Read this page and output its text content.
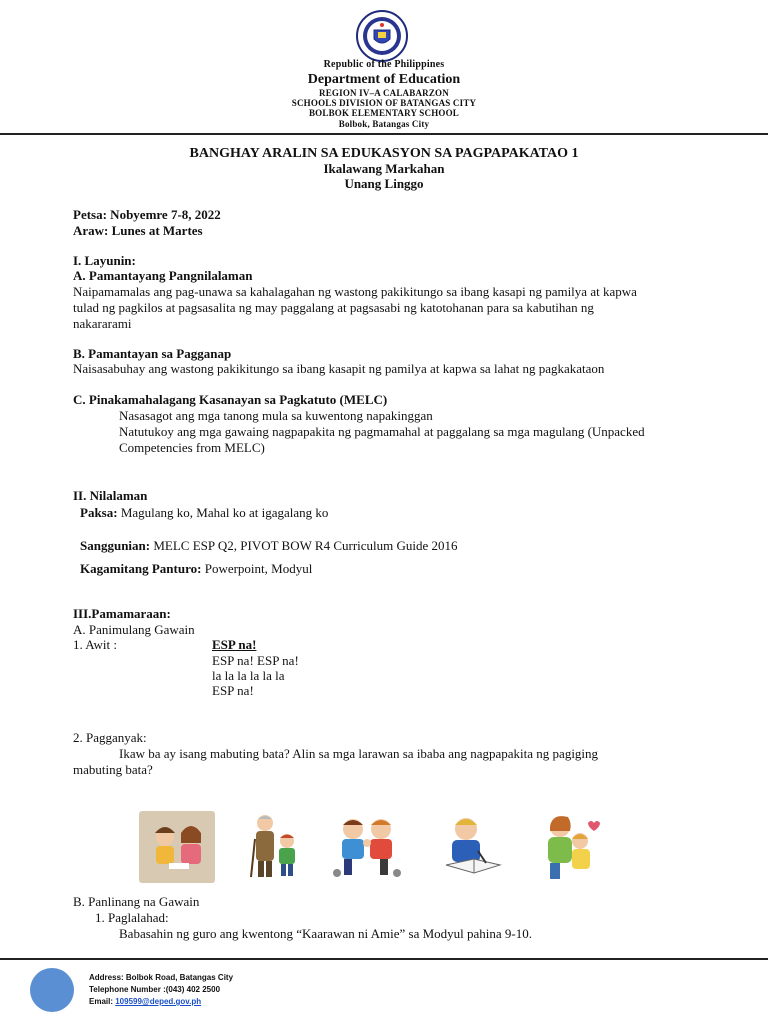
Republic of the Philippines
Department of Education
REGION IV–A CALABARZON
SCHOOLS DIVISION OF BATANGAS CITY
BOLBOK ELEMENTARY SCHOOL
Bolbok, Batangas City
BANGHAY ARALIN SA EDUKASYON SA PAGPAPAKATAO 1
Ikalawang Markahan
Unang Linggo
Petsa: Nobyemre 7-8, 2022
Araw: Lunes at Martes
I. Layunin:
A. Pamantayang Pangnilalaman
Naipamamalas ang pag-unawa sa kahalagahan ng wastong pakikitungo sa ibang kasapi ng pamilya at kapwa
tulad ng pagkilos at pagsasalita ng may paggalang at pagsasabi ng katotohanan para sa kabutihan ng
nakararami
B. Pamantayan sa Pagganap
Naisasabuhay ang wastong pakikitungo sa ibang kasapit ng pamilya at kapwa sa lahat ng pagkakataon
C. Pinakamahalagang Kasanayan sa Pagkatuto (MELC)
Nasasagot ang mga tanong mula sa kuwentong napakinggan
Natutukoy ang mga gawaing nagpapakita ng pagmamahal at paggalang sa mga magulang (Unpacked
Competencies from MELC)
II. Nilalaman
Paksa: Magulang ko, Mahal ko at igagalang ko
Sanggunian: MELC ESP Q2, PIVOT BOW R4 Curriculum Guide 2016
Kagamitang Panturo: Powerpoint, Modyul
III.Pamamaraan:
A. Panimulang Gawain
1. Awit :	ESP na!
ESP na! ESP na!
la la la la la la
ESP na!
2. Pagganyak:
Ikaw ba ay isang mabuting bata? Alin sa mga larawan sa ibaba ang nagpapakita ng pagiging
mabuting bata?
B. Panlinang na Gawain
1. Paglalahad:
Babasahin ng guro ang kwentong “Kaarawan ni Amie” sa Modyul pahina 9-10.
Address: Bolbok Road, Batangas City
Telephone Number :(043) 402 2500
Email: 109599@deped.gov.ph
